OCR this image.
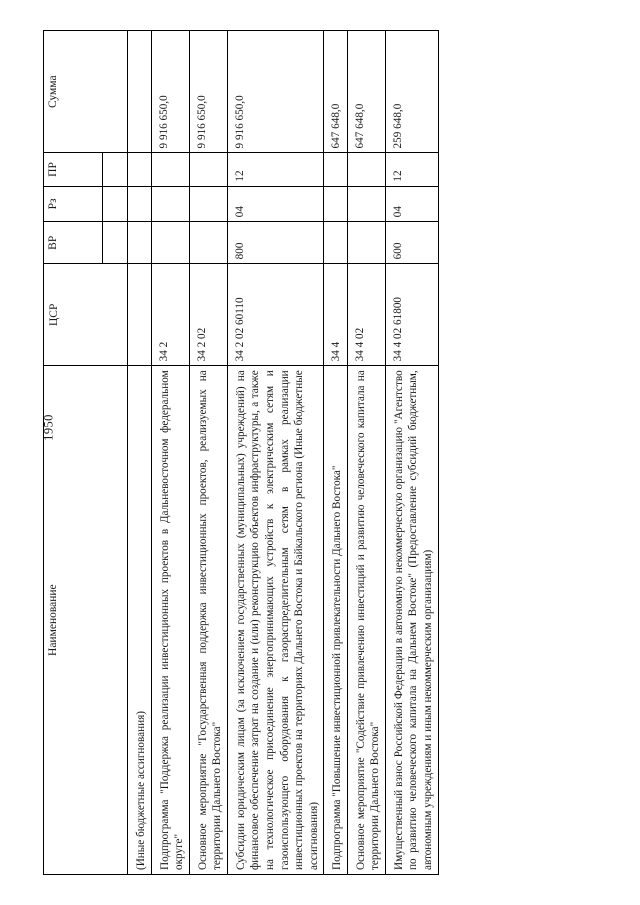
1950
Наименование	ЦСР	ВР	Рз	ПР	Сумма

(Иные бюджетные ассигнования)					
Подпрограмма "Поддержка реализации инвестиционных проектов в Дальневосточном федеральном округе"	34 2				9 916 650,0
Основное мероприятие "Государственная поддержка инвестиционных проектов, реализуемых на территории Дальнего Востока"	34 2 02				9 916 650,0
Субсидии юридическим лицам (за исключением государственных (муниципальных) учреждений) на финансовое обеспечение затрат на создание и (или) реконструкцию объектов инфраструктуры, а также на технологическое присоединение энергопринимающих устройств к электрическим сетям и газоиспользующего оборудования к газораспределительным сетям в рамках реализации инвестиционных проектов на территориях Дальнего Востока и Байкальского региона (Иные бюджетные ассигнования)	34 2 02 60110	800	04	12	9 916 650,0
Подпрограмма "Повышение инвестиционной привлекательности Дальнего Востока"	34 4				647 648,0
Основное мероприятие "Содействие привлечению инвестиций и развитию человеческого капитала на территории Дальнего Востока"	34 4 02				647 648,0
Имущественный взнос Российской Федерации в автономную некоммерческую организацию "Агентство по развитию человеческого капитала на Дальнем Востоке" (Предоставление субсидий бюджетным, автономным учреждениям и иным некоммерческим организациям)	34 4 02 61800	600	04	12	259 648,0
